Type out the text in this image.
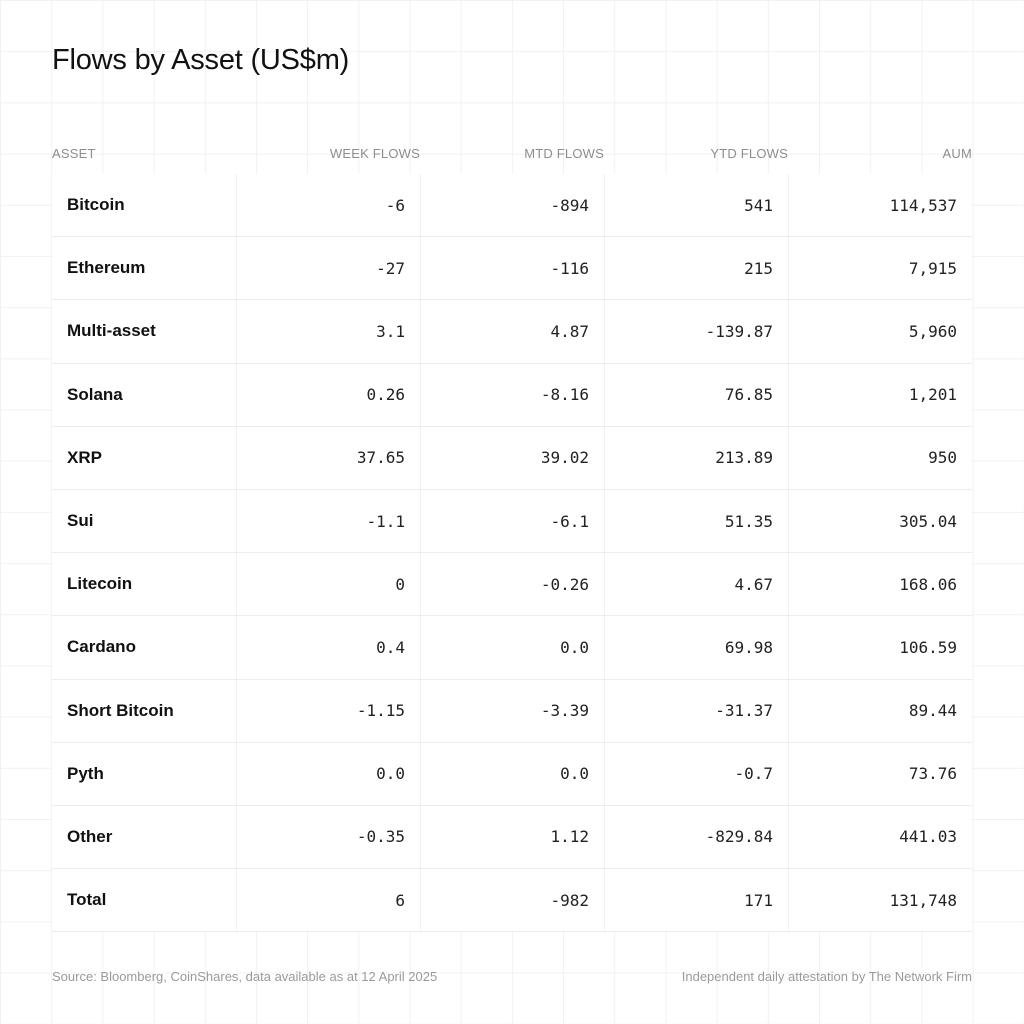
Flows by Asset (US$m)
ASSET	WEEK FLOWS	MTD FLOWS	YTD FLOWS	AUM
Bitcoin	-6	-894	541	114,537
Ethereum	-27	-116	215	7,915
Multi-asset	3.1	4.87	-139.87	5,960
Solana	0.26	-8.16	76.85	1,201
XRP	37.65	39.02	213.89	950
Sui	-1.1	-6.1	51.35	305.04
Litecoin	0	-0.26	4.67	168.06
Cardano	0.4	0.0	69.98	106.59
Short Bitcoin	-1.15	-3.39	-31.37	89.44
Pyth	0.0	0.0	-0.7	73.76
Other	-0.35	1.12	-829.84	441.03
Total	6	-982	171	131,748
Source: Bloomberg, CoinShares, data available as at 12 April 2025	Independent daily attestation by The Network Firm
